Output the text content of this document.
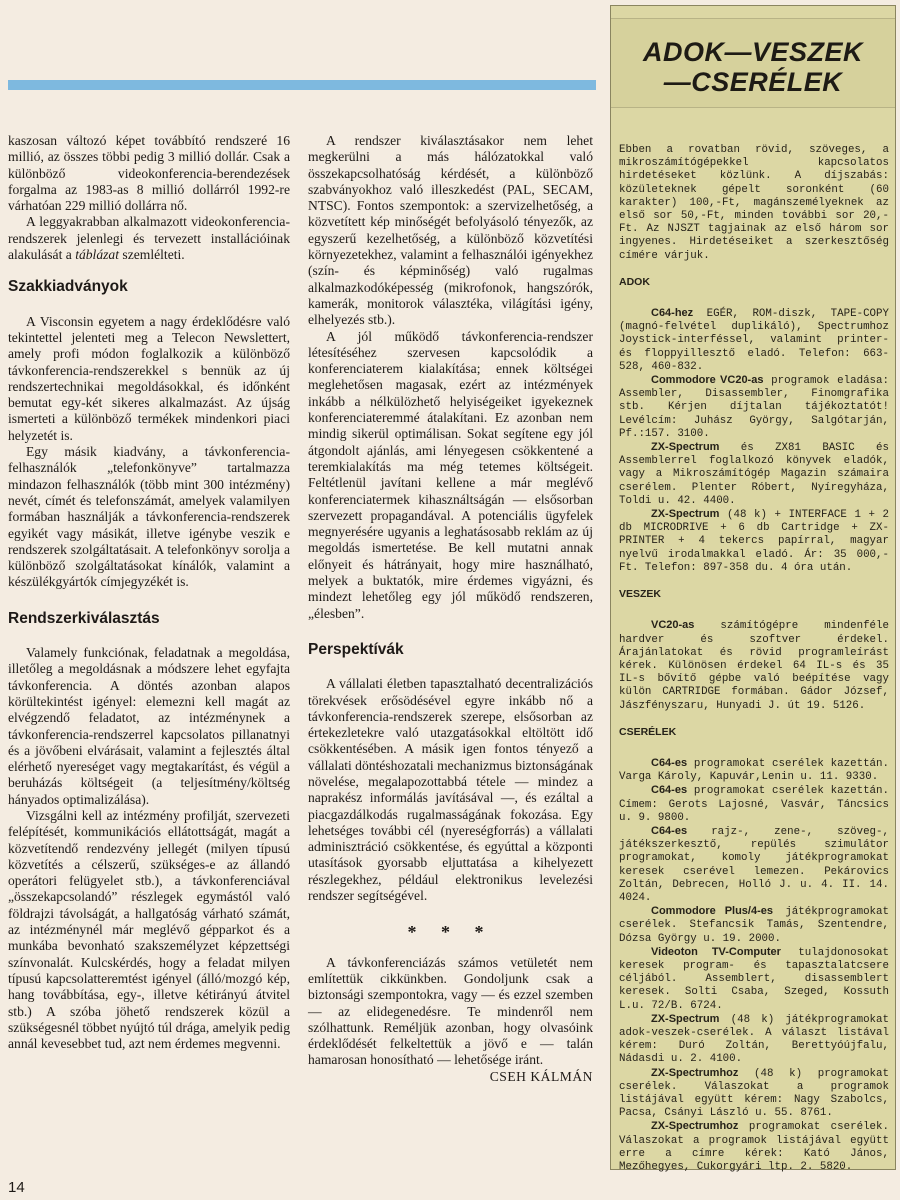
kaszosan változó képet továbbító rendszeré 16 millió, az összes többi pedig 3 millió dollár. Csak a különböző videokonferencia-berendezések forgalma az 1983-as 8 millió dollárról 1992-re várhatóan 229 millió dollárra nő.

A leggyakrabban alkalmazott videokonferencia-rendszerek jelenlegi és tervezett installációinak alakulását a táblázat szemlélteti.

Szakkiadványok

A Visconsin egyetem a nagy érdeklődésre való tekintettel jelenteti meg a Telecon Newslettert, amely profi módon foglalkozik a különböző távkonferencia-rendszerekkel s bennük az új rendszertechnikai megoldásokkal, és időnként bemutat egy-két sikeres alkalmazást. Az újság ismerteti a különböző termékek mindenkori piaci helyzetét is.

Egy másik kiadvány, a távkonferencia-felhasználók „telefonkönyve” tartalmazza mindazon felhasználók (több mint 300 intézmény) nevét, címét és telefonszámát, amelyek valamilyen formában használják a távkonferencia-rendszerek egyikét vagy másikát, illetve igénybe veszik e rendszerek szolgáltatásait. A telefonkönyv sorolja a különböző szolgáltatásokat kínálók, valamint a készülékgyártók címjegyzékét is.

Rendszerkiválasztás

Valamely funkciónak, feladatnak a megoldása, illetőleg a megoldásnak a módszere lehet egyfajta távkonferencia. A döntés azonban alapos körültekintést igényel: elemezni kell magát az elvégzendő feladatot, az intézménynek a távkonferencia-rendszerrel kapcsolatos pillanatnyi és a jövőbeni elvárásait, valamint a fejlesztés által elérhető nyereséget vagy megtakarítást, és végül a beruházás költségeit (a teljesítmény/költség hányados optimalizálása).

Vizsgálni kell az intézmény profilját, szervezeti felépítését, kommunikációs ellátottságát, magát a közvetítendő rendezvény jellegét (milyen típusú közvetítés a célszerű, szükséges-e az állandó operátori felügyelet stb.), a távkonferenciával „összekapcsolandó” részlegek egymástól való földrajzi távolságát, a hallgatóság várható számát, az intézménynél már meglévő gépparkot és a munkába bevonható szakszemélyzet képzettségi színvonalát. Kulcskérdés, hogy a feladat milyen típusú kapcsolatteremtést igényel (álló/mozgó kép, hang továbbítása, egy-, illetve kétirányú átvitel stb.) A szóba jöhető rendszerek közül a szükségesnél többet nyújtó túl drága, amelyik pedig annál kevesebbet tud, azt nem érdemes megvenni.

A rendszer kiválasztásakor nem lehet megkerülni a más hálózatokkal való összekapcsolhatóság kérdését, a különböző szabványokhoz való illeszkedést (PAL, SECAM, NTSC). Fontos szempontok: a szervizelhetőség, a közvetített kép minőségét befolyásoló tényezők, az egyszerű kezelhetőség, a különböző közvetítési környezetekhez, valamint a felhasználói igényekhez (szín- és képminőség) való rugalmas alkalmazkodóképesség (mikrofonok, hangszórók, kamerák, monitorok választéka, világítási igény, elhelyezés stb.).

A jól működő távkonferencia-rendszer létesítéséhez szervesen kapcsolódik a konferenciaterem kialakítása; ennek költségei meglehetősen magasak, ezért az intézmények inkább a nélkülözhető helyiségeiket igyekeznek konferenciateremmé átalakítani. Ez azonban nem mindig sikerül optimálisan. Sokat segítene egy jól átgondolt ajánlás, ami lényegesen csökkentené a teremkialakítás ma még tetemes költségeit. Feltétlenül javítani kellene a már meglévő konferenciatermek kihasználtságán — elsősorban szervezett propagandával. A potenciális ügyfelek megnyerésére ugyanis a leghatásosabb reklám az új megoldás ismertetése. Be kell mutatni annak előnyeit és hátrányait, hogy mire használható, melyek a buktatók, mire érdemes vigyázni, és mindezt lehetőleg egy jól működő rendszeren, „élesben”.

Perspektívák

A vállalati életben tapasztalható decentralizációs törekvések erősödésével egyre inkább nő a távkonferencia-rendszerek szerepe, elsősorban az értekezletekre való utazgatásokkal eltöltött idő csökkentésében. A másik igen fontos tényező a vállalati döntéshozatali mechanizmus biztonságának növelése, megalapozottabbá tétele — mindez a naprakész informálás javításával —, és ezáltal a piacgazdálkodás rugalmasságának fokozása. Egy lehetséges további cél (nyereségforrás) a vállalati adminisztráció csökkentése, és egyúttal a központi utasítások gyorsabb eljuttatása a kihelyezett részlegekhez, például elektronikus levelezési rendszer segítségével.

* * *

A távkonferenciázás számos vetületét nem említettük cikkünkben. Gondoljunk csak a biztonsági szempontokra, vagy — és ezzel szemben — az elidegenedésre. Te mindenről nem szólhattunk. Reméljük azonban, hogy olvasóink érdeklődését felkeltettük a jövő e — talán hamarosan honosítható — lehetősége iránt.

CSEH KÁLMÁN

ADOK—VESZEK
—CSERÉLEK

Ebben a rovatban rövid, szöveges, a mikroszámítógépekkel kapcsolatos hirdetéseket közlünk. A díjszabás: közületeknek gépelt soronként (60 karakter) 100,-Ft, magánszemélyeknek az első sor 50,-Ft, minden további sor 20,-Ft. Az NJSZT tagjainak az első három sor ingyenes. Hirdetéseiket a szerkesztőség címére várjuk.

ADOK

C64-hez EGÉR, ROM-diszk, TAPE-COPY (magnó-felvétel duplikáló), Spectrumhoz Joystick-interféssel, valamint printer- és floppyillesztő eladó. Telefon: 663-528, 460-832.

Commodore VC20-as programok eladása: Assembler, Disassembler, Finomgrafika stb. Kérjen díjtalan tájékoztatót! Levélcím: Juhász György, Salgótarján, Pf.:157. 3100.

ZX-Spectrum és ZX81 BASIC és Assemblerrel foglalkozó könyvek eladók, vagy a Mikroszámítógép Magazin számaira cserélem. Plenter Róbert, Nyíregyháza, Toldi u. 42. 4400.

ZX-Spectrum (48 k) + INTERFACE 1 + 2 db MICRODRIVE + 6 db Cartridge + ZX-PRINTER + 4 tekercs papírral, magyar nyelvű irodalmakkal eladó. Ár: 35 000,-Ft. Telefon: 897-358 du. 4 óra után.

VESZEK

VC20-as számítógépre mindenféle hardver és szoftver érdekel. Árajánlatokat és rövid programleírást kérek. Különösen érdekel 64 IL-s és 35 IL-s bővítő gépbe való beépítése vagy külön CARTRIDGE formában. Gádor József, Jászfényszaru, Hunyadi J. út 19. 5126.

CSERÉLEK

C64-es programokat cserélek kazettán. Varga Károly, Kapuvár,Lenin u. 11. 9330.

C64-es programokat cserélek kazettán. Címem: Gerots Lajosné, Vasvár, Táncsics u. 9. 9800.

C64-es rajz-, zene-, szöveg-, játékszerkesztő, repülés szimulátor programokat, komoly játékprogramokat keresek cserével lemezen. Pekárovics Zoltán, Debrecen, Holló J. u. 4. II. 14. 4024.

Commodore Plus/4-es játékprogramokat cserélek. Stefancsik Tamás, Szentendre, Dózsa György u. 19. 2000.

Videoton TV-Computer tulajdonosokat keresek program- és tapasztalatcsere céljából. Assemblert, disassemblert keresek. Solti Csaba, Szeged, Kossuth L.u. 72/B. 6724.

ZX-Spectrum (48 k) játékprogramokat adok-veszek-cserélek. A választ listával kérem: Duró Zoltán, Berettyóújfalu, Nádasdi u. 2. 4100.

ZX-Spectrumhoz (48 k) programokat cserélek. Válaszokat a programok listájával együtt kérem: Nagy Szabolcs, Pacsa, Csányi László u. 55. 8761.

ZX-Spectrumhoz programokat cserélek. Válaszokat a programok listájával együtt erre a címre kérek: Kató János, Mezőhegyes, Cukorgyári ltp. 2. 5820.

14
